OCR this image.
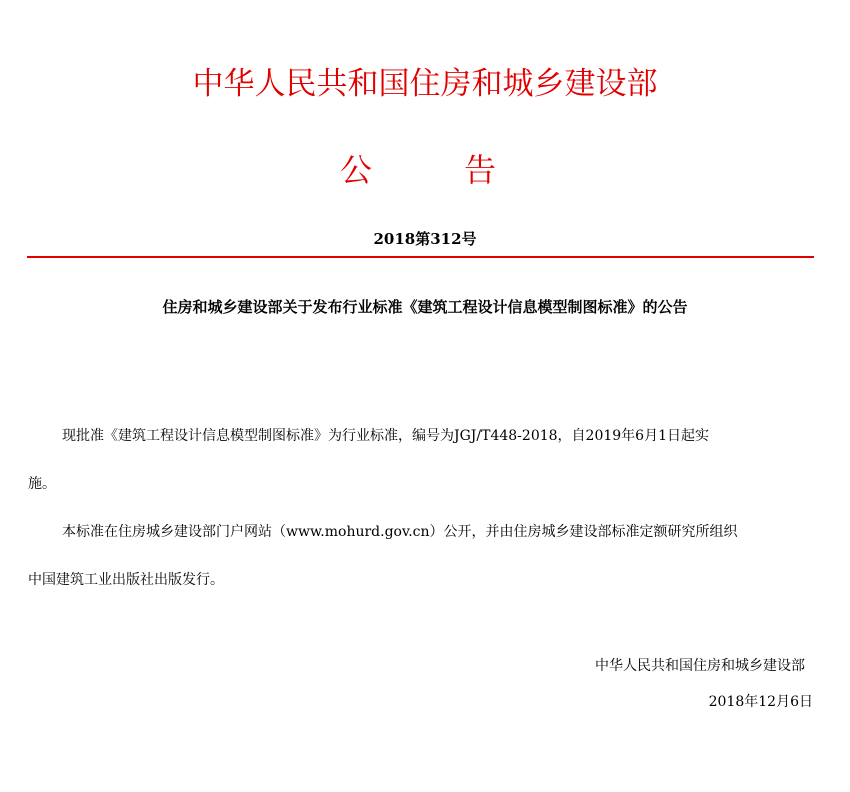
中华人民共和国住房和城乡建设部
公	告
2018第312号
住房和城乡建设部关于发布行业标准《建筑工程设计信息模型制图标准》的公告
现批准《建筑工程设计信息模型制图标准》为行业标准，编号为JGJ/T448-2018，自2019年6月1日起实
施。
本标准在住房城乡建设部门户网站（www.mohurd.gov.cn）公开，并由住房城乡建设部标准定额研究所组织
中国建筑工业出版社出版发行。
中华人民共和国住房和城乡建设部
2018年12月6日
